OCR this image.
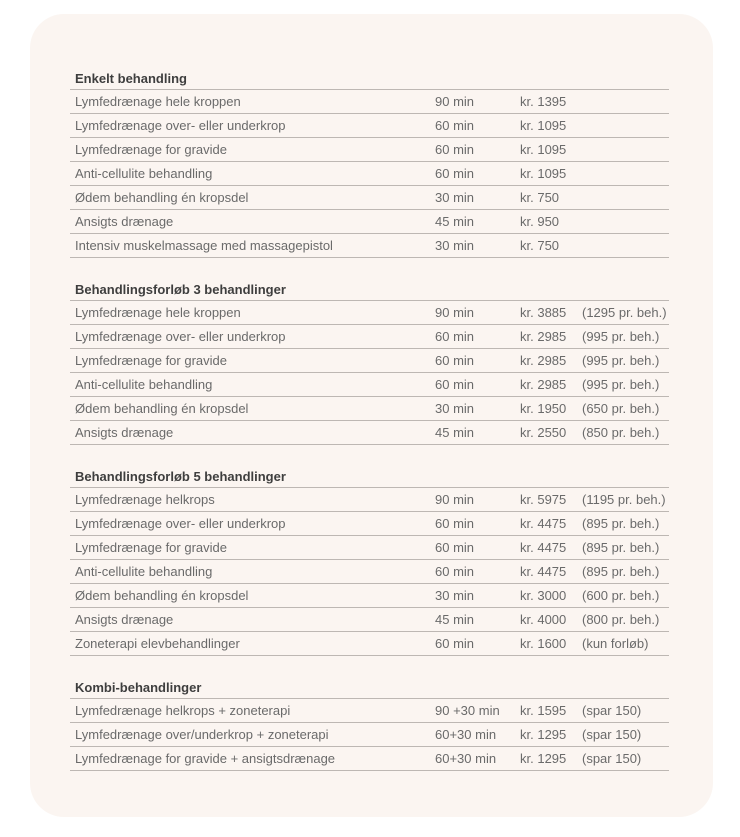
Enkelt behandling
Lymfedrænage hele kroppen	90 min	kr. 1395
Lymfedrænage over- eller underkrop	60 min	kr. 1095
Lymfedrænage for gravide	60 min	kr. 1095
Anti-cellulite behandling	60 min	kr. 1095
Ødem behandling én kropsdel	30 min	kr. 750
Ansigts drænage	45 min	kr. 950
Intensiv muskelmassage med massagepistol	30 min	kr. 750
Behandlingsforløb 3 behandlinger
Lymfedrænage hele kroppen	90 min	kr. 3885 (1295 pr. beh.)
Lymfedrænage over- eller underkrop	60 min	kr. 2985 (995 pr. beh.)
Lymfedrænage for gravide	60 min	kr. 2985 (995 pr. beh.)
Anti-cellulite behandling	60 min	kr. 2985 (995 pr. beh.)
Ødem behandling én kropsdel	30 min	kr. 1950 (650 pr. beh.)
Ansigts drænage	45 min	kr. 2550 (850 pr. beh.)
Behandlingsforløb 5 behandlinger
Lymfedrænage helkrops	90 min	kr. 5975 (1195 pr. beh.)
Lymfedrænage over- eller underkrop	60 min	kr. 4475 (895 pr. beh.)
Lymfedrænage for gravide	60 min	kr. 4475 (895 pr. beh.)
Anti-cellulite behandling	60 min	kr. 4475 (895 pr. beh.)
Ødem behandling én kropsdel	30 min	kr. 3000 (600 pr. beh.)
Ansigts drænage	45 min	kr. 4000 (800 pr. beh.)
Zoneterapi elevbehandlinger	60 min	kr. 1600 (kun forløb)
Kombi-behandlinger
Lymfedrænage helkrops + zoneterapi	90 +30 min kr. 1595 (spar 150)
Lymfedrænage over/underkrop + zoneterapi	60+30 min kr. 1295 (spar 150)
Lymfedrænage for gravide + ansigtsdrænage	60+30 min kr. 1295 (spar 150)
